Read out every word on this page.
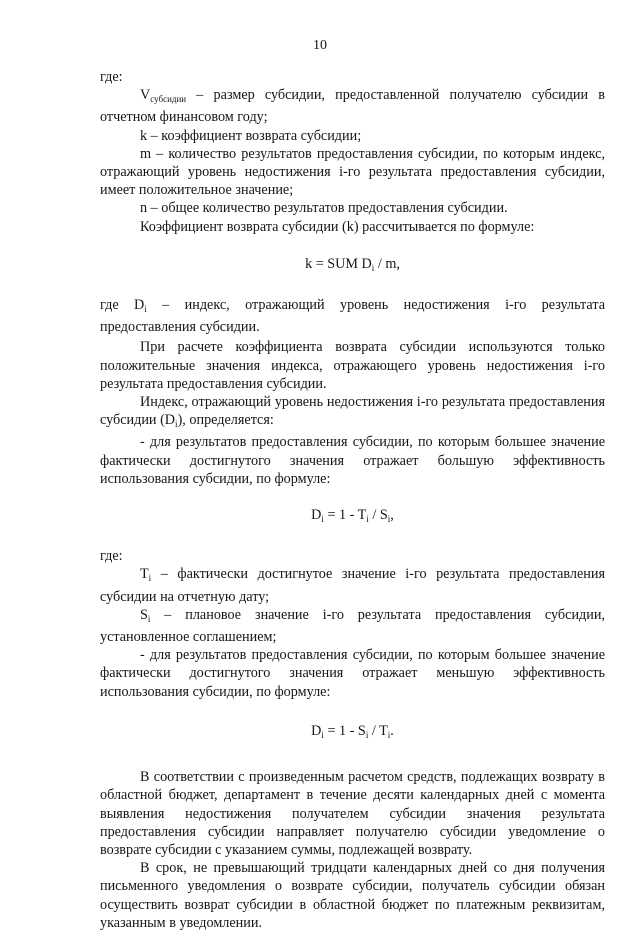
10

где:

$V_{субсидии}$ – размер субсидии, предоставленной получателю субсидии в отчетном финансовом году;

k – коэффициент возврата субсидии;

m – количество результатов предоставления субсидии, по которым индекс, отражающий уровень недостижения i-го результата предоставления субсидии, имеет положительное значение;

n – общее количество результатов предоставления субсидии.

Коэффициент возврата субсидии (k) рассчитывается по формуле:

k = SUM $D_i$ / m,

где $D_i$ – индекс, отражающий уровень недостижения i-го результата предоставления субсидии.

При расчете коэффициента возврата субсидии используются только положительные значения индекса, отражающего уровень недостижения i-го результата предоставления субсидии.

Индекс, отражающий уровень недостижения i-го результата предоставления субсидии $(D_i)$, определяется:

- для результатов предоставления субсидии, по которым большее значение фактически достигнутого значения отражает большую эффективность использования субсидии, по формуле:

$D_i = 1 - T_i / S_i$,

где:

$T_i$ – фактически достигнутое значение i-го результата предоставления субсидии на отчетную дату;

$S_i$ – плановое значение i-го результата предоставления субсидии, установленное соглашением;

- для результатов предоставления субсидии, по которым большее значение фактически достигнутого значения отражает меньшую эффективность использования субсидии, по формуле:

$D_i = 1 - S_i / T_i$.

В соответствии с произведенным расчетом средств, подлежащих возврату в областной бюджет, департамент в течение десяти календарных дней с момента выявления недостижения получателем субсидии значения результата предоставления субсидии направляет получателю субсидии уведомление о возврате субсидии с указанием суммы, подлежащей возврату.

В срок, не превышающий тридцати календарных дней со дня получения письменного уведомления о возврате субсидии, получатель субсидии обязан осуществить возврат субсидии в областной бюджет по платежным реквизитам, указанным в уведомлении.
